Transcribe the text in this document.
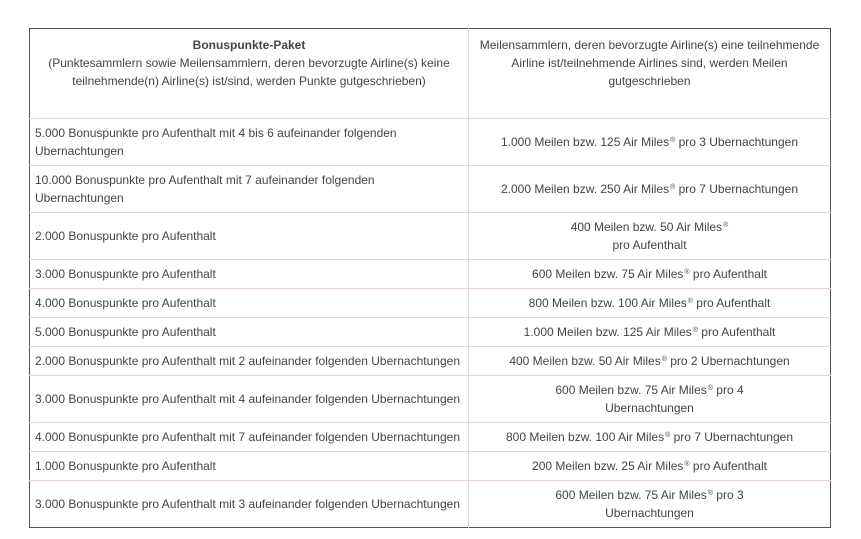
Bonuspunkte-Paket
(Punktesammlern sowie Meilensammlern, deren bevorzugte Airline(s) keine teilnehmende(n) Airline(s) ist/sind, werden Punkte gutgeschrieben)	Meilensammlern, deren bevorzugte Airline(s) eine teilnehmende Airline ist/teilnehmende Airlines sind, werden Meilen gutgeschrieben
5.000 Bonuspunkte pro Aufenthalt mit 4 bis 6 aufeinander folgenden Ubernachtungen	1.000 Meilen bzw. 125 Air Miles® pro 3 Ubernachtungen
10.000 Bonuspunkte pro Aufenthalt mit 7 aufeinander folgenden Ubernachtungen	2.000 Meilen bzw. 250 Air Miles® pro 7 Ubernachtungen
2.000 Bonuspunkte pro Aufenthalt	400 Meilen bzw. 50 Air Miles®
pro Aufenthalt

3.000 Bonuspunkte pro Aufenthalt	600 Meilen bzw. 75 Air Miles® pro Aufenthalt
4.000 Bonuspunkte pro Aufenthalt	800 Meilen bzw. 100 Air Miles® pro Aufenthalt
5.000 Bonuspunkte pro Aufenthalt	1.000 Meilen bzw. 125 Air Miles® pro Aufenthalt
2.000 Bonuspunkte pro Aufenthalt mit 2 aufeinander folgenden Ubernachtungen	400 Meilen bzw. 50 Air Miles® pro 2 Ubernachtungen
3.000 Bonuspunkte pro Aufenthalt mit 4 aufeinander folgenden Ubernachtungen	600 Meilen bzw. 75 Air Miles® pro 4
Ubernachtungen

4.000 Bonuspunkte pro Aufenthalt mit 7 aufeinander folgenden Ubernachtungen	800 Meilen bzw. 100 Air Miles® pro 7 Ubernachtungen
1.000 Bonuspunkte pro Aufenthalt	200 Meilen bzw. 25 Air Miles® pro Aufenthalt
3.000 Bonuspunkte pro Aufenthalt mit 3 aufeinander folgenden Ubernachtungen	600 Meilen bzw. 75 Air Miles® pro 3
Ubernachtungen
